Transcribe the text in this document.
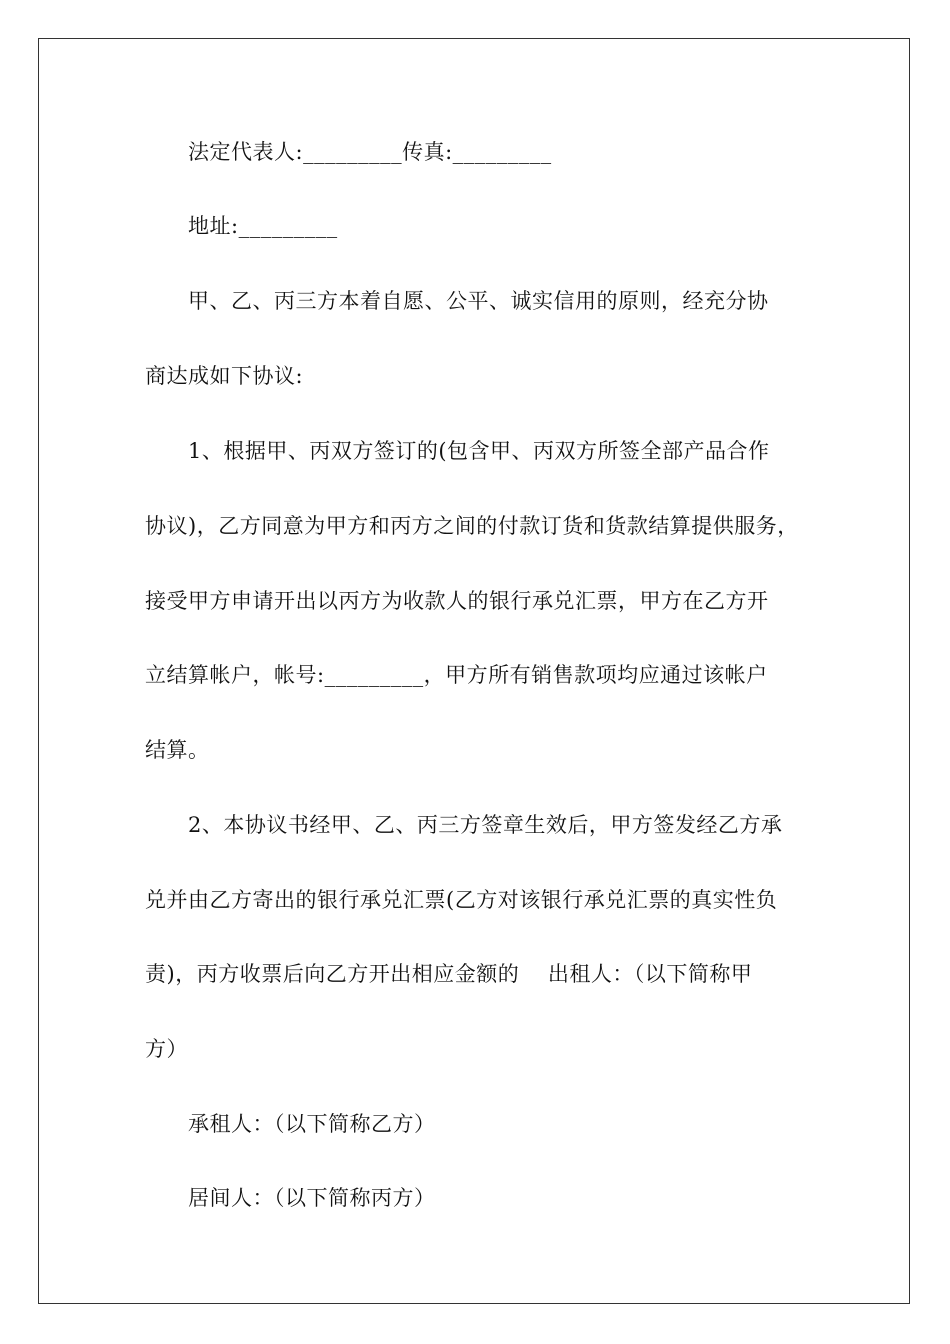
法定代表人:_________传真:_________
地址:_________
甲、乙、丙三方本着自愿、公平、诚实信用的原则，经充分协
商达成如下协议:
1、根据甲、丙双方签订的(包含甲、丙双方所签全部产品合作
协议)，乙方同意为甲方和丙方之间的付款订货和货款结算提供服务，
接受甲方申请开出以丙方为收款人的银行承兑汇票，甲方在乙方开
立结算帐户，帐号:_________，甲方所有销售款项均应通过该帐户
结算。
2、本协议书经甲、乙、丙三方签章生效后，甲方签发经乙方承
兑并由乙方寄出的银行承兑汇票(乙方对该银行承兑汇票的真实性负
责)，丙方收票后向乙方开出相应金额的　 出租人：（以下简称甲
方）
承租人：（以下简称乙方）
居间人：（以下简称丙方）
